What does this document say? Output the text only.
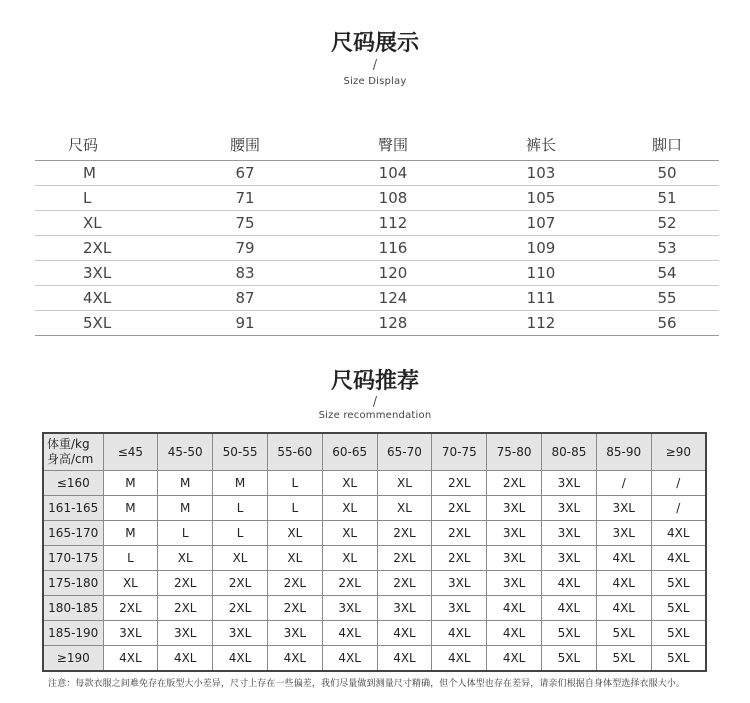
尺码展示
/
Size Display
尺码	腰围	臀围	裤长	脚口
M	67	104	103	50
L	71	108	105	51
XL	75	112	107	52
2XL	79	116	109	53
3XL	83	120	110	54
4XL	87	124	111	55
5XL	91	128	112	56
尺码推荐
/
Size recommendation
体重/kg
身高/cm	≤45	45-50	50-55	55-60	60-65	65-70	70-75	75-80	80-85	85-90	≥90
≤160	M	M	M	L	XL	XL	2XL	2XL	3XL	/	/
161-165	M	M	L	L	XL	XL	2XL	3XL	3XL	3XL	/
165-170	M	L	L	XL	XL	2XL	2XL	3XL	3XL	3XL	4XL
170-175	L	XL	XL	XL	XL	2XL	2XL	3XL	3XL	4XL	4XL
175-180	XL	2XL	2XL	2XL	2XL	2XL	3XL	3XL	4XL	4XL	5XL
180-185	2XL	2XL	2XL	2XL	3XL	3XL	3XL	4XL	4XL	4XL	5XL
185-190	3XL	3XL	3XL	3XL	4XL	4XL	4XL	4XL	5XL	5XL	5XL
≥190	4XL	4XL	4XL	4XL	4XL	4XL	4XL	4XL	5XL	5XL	5XL
注意：每款衣服之间难免存在版型大小差异，尺寸上存在一些偏差，我们尽量做到测量尺寸精确，但个人体型也存在差异，请亲们根据自身体型选择衣服大小。
